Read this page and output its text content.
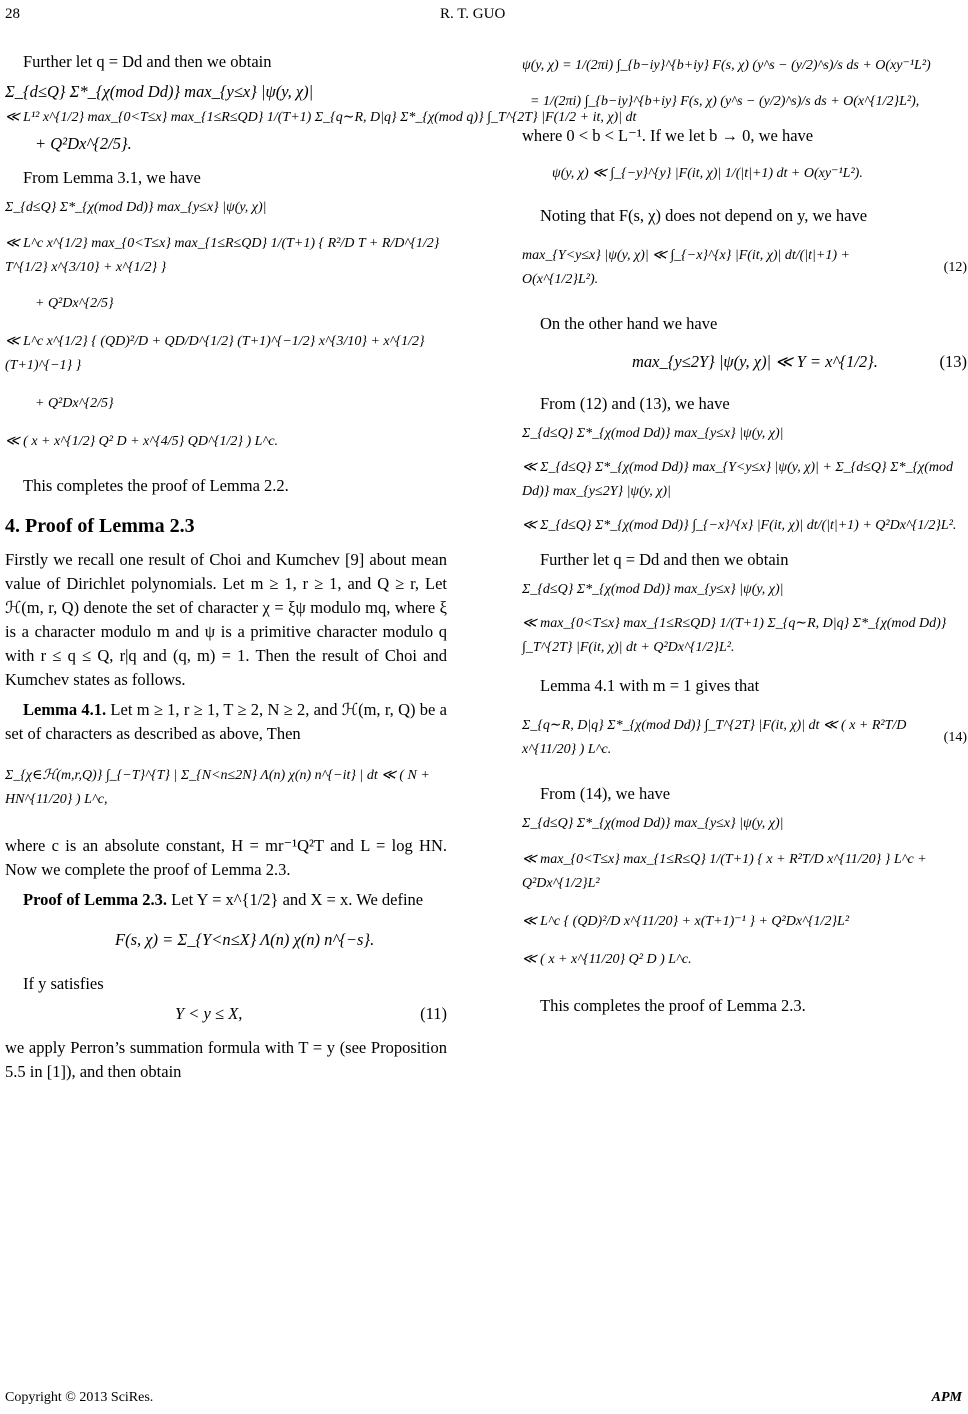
28	R. T. GUO

Further let q = Dd and then we obtain

Σ_{d≤Q} Σ*_{χ(mod Dd)} max_{y≤x} |ψ(y, χ)|
≪ L¹² x^{1/2} max_{0<T≤x} max_{1≤R≤QD} 1/(T+1) Σ_{q∼R, D|q} Σ*_{χ(mod q)} ∫_T^{2T} |F(1/2 + it, χ)| dt
+ Q²Dx^{2/5}.

From Lemma 3.1, we have

Σ_{d≤Q} Σ*_{χ(mod Dd)} max_{y≤x} |ψ(y, χ)|
≪ L^c x^{1/2} max_{0<T≤x} max_{1≤R≤QD} 1/(T+1) { R²/D T + R/D^{1/2} T^{1/2} x^{3/10} + x^{1/2} }
+ Q²Dx^{2/5}
≪ L^c x^{1/2} { (QD)²/D + QD/D^{1/2} (T+1)^{−1/2} x^{3/10} + x^{1/2} (T+1)^{−1} }
+ Q²Dx^{2/5}
≪ ( x + x^{1/2} Q² D + x^{4/5} QD^{1/2} ) L^c.

This completes the proof of Lemma 2.2.

4. Proof of Lemma 2.3

Firstly we recall one result of Choi and Kumchev [9] about mean value of Dirichlet polynomials. Let m ≥ 1, r ≥ 1, and Q ≥ r, Let ℋ(m, r, Q) denote the set of character χ = ξψ modulo mq, where ξ is a character modulo m and ψ is a primitive character modulo q with r ≤ q ≤ Q, r|q and (q, m) = 1. Then the result of Choi and Kumchev states as follows.

Lemma 4.1. Let m ≥ 1, r ≥ 1, T ≥ 2, N ≥ 2, and ℋ(m, r, Q) be a set of characters as described as above, Then

Σ_{χ∈ℋ(m,r,Q)} ∫_{−T}^{T} | Σ_{N<n≤2N} Λ(n) χ(n) n^{−it} | dt ≪ ( N + HN^{11/20} ) L^c,

where c is an absolute constant, H = mr⁻¹Q²T and L = log HN. Now we complete the proof of Lemma 2.3.

Proof of Lemma 2.3. Let Y = x^{1/2} and X = x. We define

F(s, χ) = Σ_{Y<n≤X} Λ(n) χ(n) n^{−s}.

If y satisfies

Y < y ≤ X,	(11)

we apply Perron’s summation formula with T = y (see Proposition 5.5 in [1]), and then obtain

ψ(y, χ) = 1/(2πi) ∫_{b−iy}^{b+iy} F(s, χ) (y^s − (y/2)^s)/s ds + O(xy⁻¹L²)
= 1/(2πi) ∫_{b−iy}^{b+iy} F(s, χ) (y^s − (y/2)^s)/s ds + O(x^{1/2}L²),

where 0 < b < L⁻¹. If we let b → 0, we have

ψ(y, χ) ≪ ∫_{−y}^{y} |F(it, χ)| 1/(|t|+1) dt + O(xy⁻¹L²).

Noting that F(s, χ) does not depend on y, we have

max_{Y<y≤x} |ψ(y, χ)| ≪ ∫_{−x}^{x} |F(it, χ)| dt/(|t|+1) + O(x^{1/2}L²).
(12)

On the other hand we have

max_{y≤2Y} |ψ(y, χ)| ≪ Y = x^{1/2}.	(13)

From (12) and (13), we have

Σ_{d≤Q} Σ*_{χ(mod Dd)} max_{y≤x} |ψ(y, χ)|
≪ Σ_{d≤Q} Σ*_{χ(mod Dd)} max_{Y<y≤x} |ψ(y, χ)| + Σ_{d≤Q} Σ*_{χ(mod Dd)} max_{y≤2Y} |ψ(y, χ)|
≪ Σ_{d≤Q} Σ*_{χ(mod Dd)} ∫_{−x}^{x} |F(it, χ)| dt/(|t|+1) + Q²Dx^{1/2}L².

Further let q = Dd and then we obtain

Σ_{d≤Q} Σ*_{χ(mod Dd)} max_{y≤x} |ψ(y, χ)|
≪ max_{0<T≤x} max_{1≤R≤QD} 1/(T+1) Σ_{q∼R, D|q} Σ*_{χ(mod Dd)} ∫_T^{2T} |F(it, χ)| dt + Q²Dx^{1/2}L².

Lemma 4.1 with m = 1 gives that

Σ_{q∼R, D|q} Σ*_{χ(mod Dd)} ∫_T^{2T} |F(it, χ)| dt ≪ ( x + R²T/D x^{11/20} ) L^c.
(14)

From (14), we have

Σ_{d≤Q} Σ*_{χ(mod Dd)} max_{y≤x} |ψ(y, χ)|
≪ max_{0<T≤x} max_{1≤R≤Q} 1/(T+1) { x + R²T/D x^{11/20} } L^c + Q²Dx^{1/2}L²
≪ L^c { (QD)²/D x^{11/20} + x(T+1)⁻¹ } + Q²Dx^{1/2}L²
≪ ( x + x^{11/20} Q² D ) L^c.

This completes the proof of Lemma 2.3.

Copyright © 2013 SciRes.	APM
